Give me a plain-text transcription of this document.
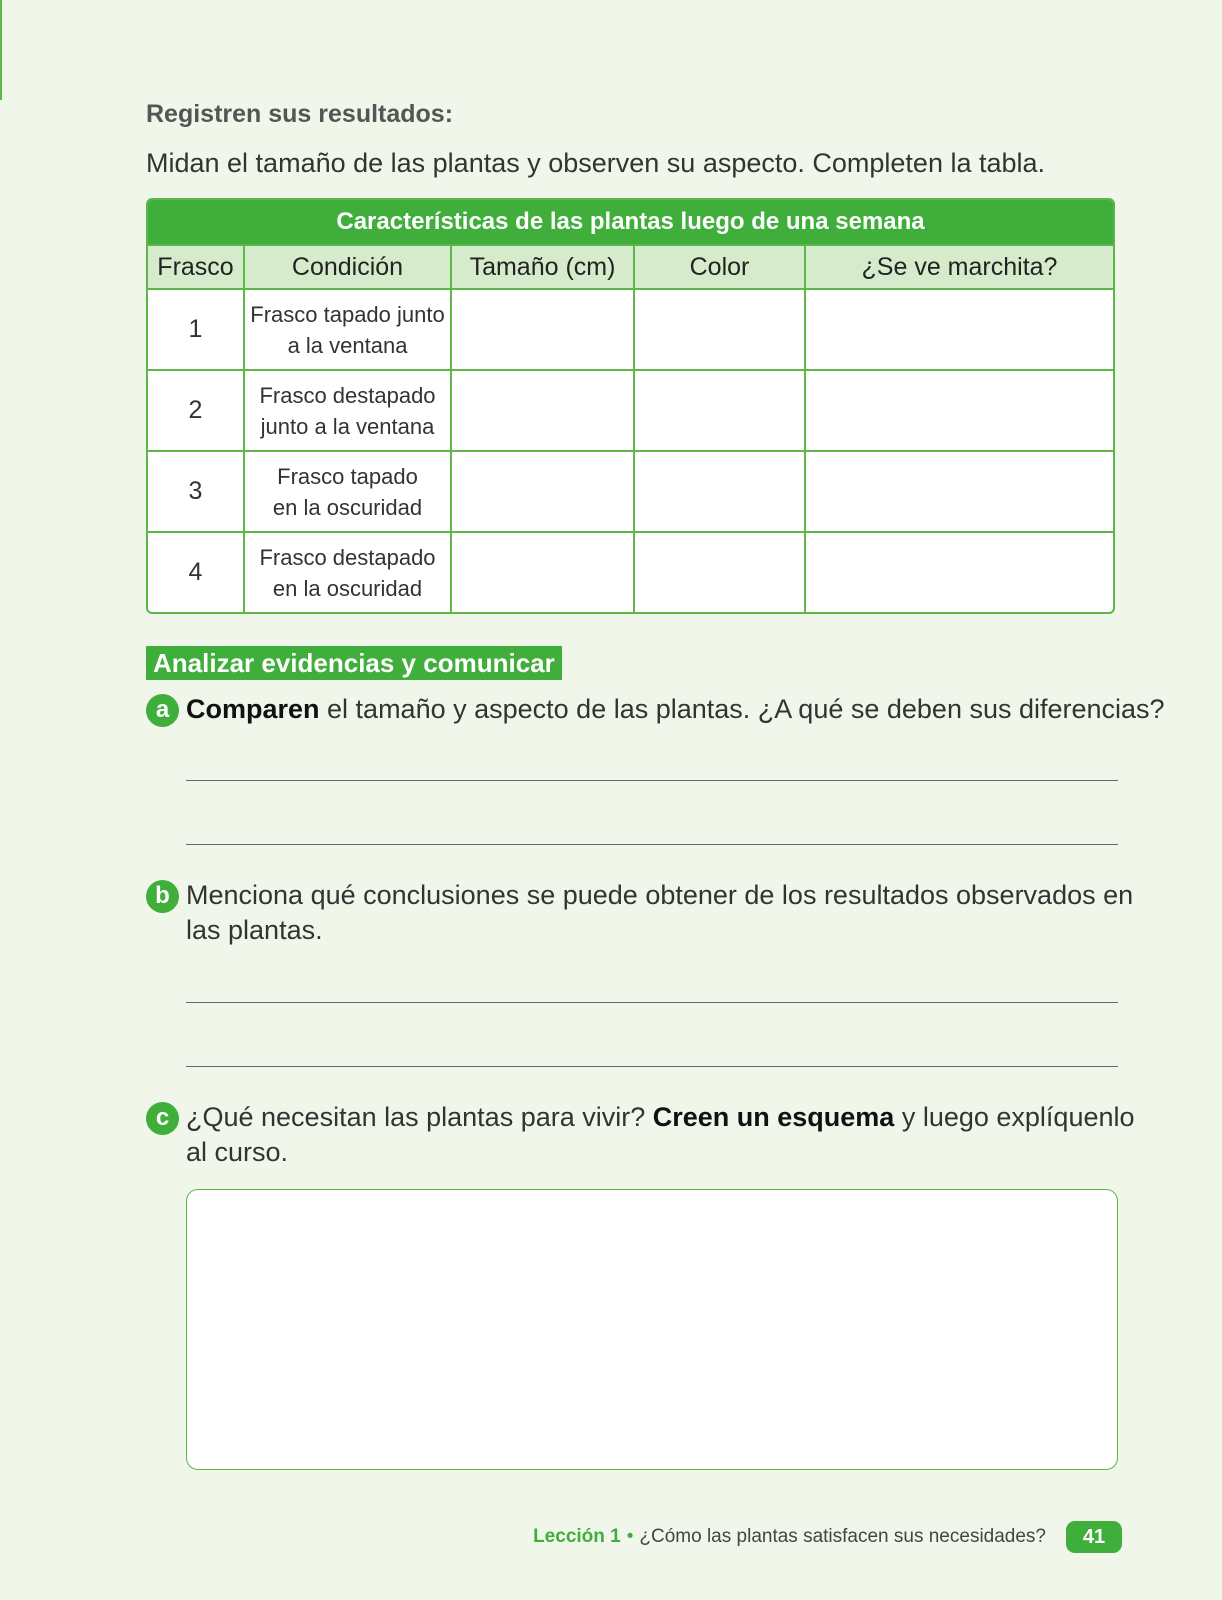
Registren sus resultados:
Midan el tamaño de las plantas y observen su aspecto. Completen la tabla.
Características de las plantas luego de una semana				
Frasco	Condición	Tamaño (cm)	Color	¿Se ve marchita?
1	Frasco tapado junto
a la ventana			
2	Frasco destapado
junto a la ventana			
3	Frasco tapado
en la oscuridad			
4	Frasco destapado
en la oscuridad			
Analizar evidencias y comunicar
a Comparen el tamaño y aspecto de las plantas. ¿A qué se deben sus diferencias?
b Menciona qué conclusiones se puede obtener de los resultados observados en
las plantas.
c ¿Qué necesitan las plantas para vivir? Creen un esquema y luego explíquenlo
al curso.
Lección 1 • ¿Cómo las plantas satisfacen sus necesidades?	41
